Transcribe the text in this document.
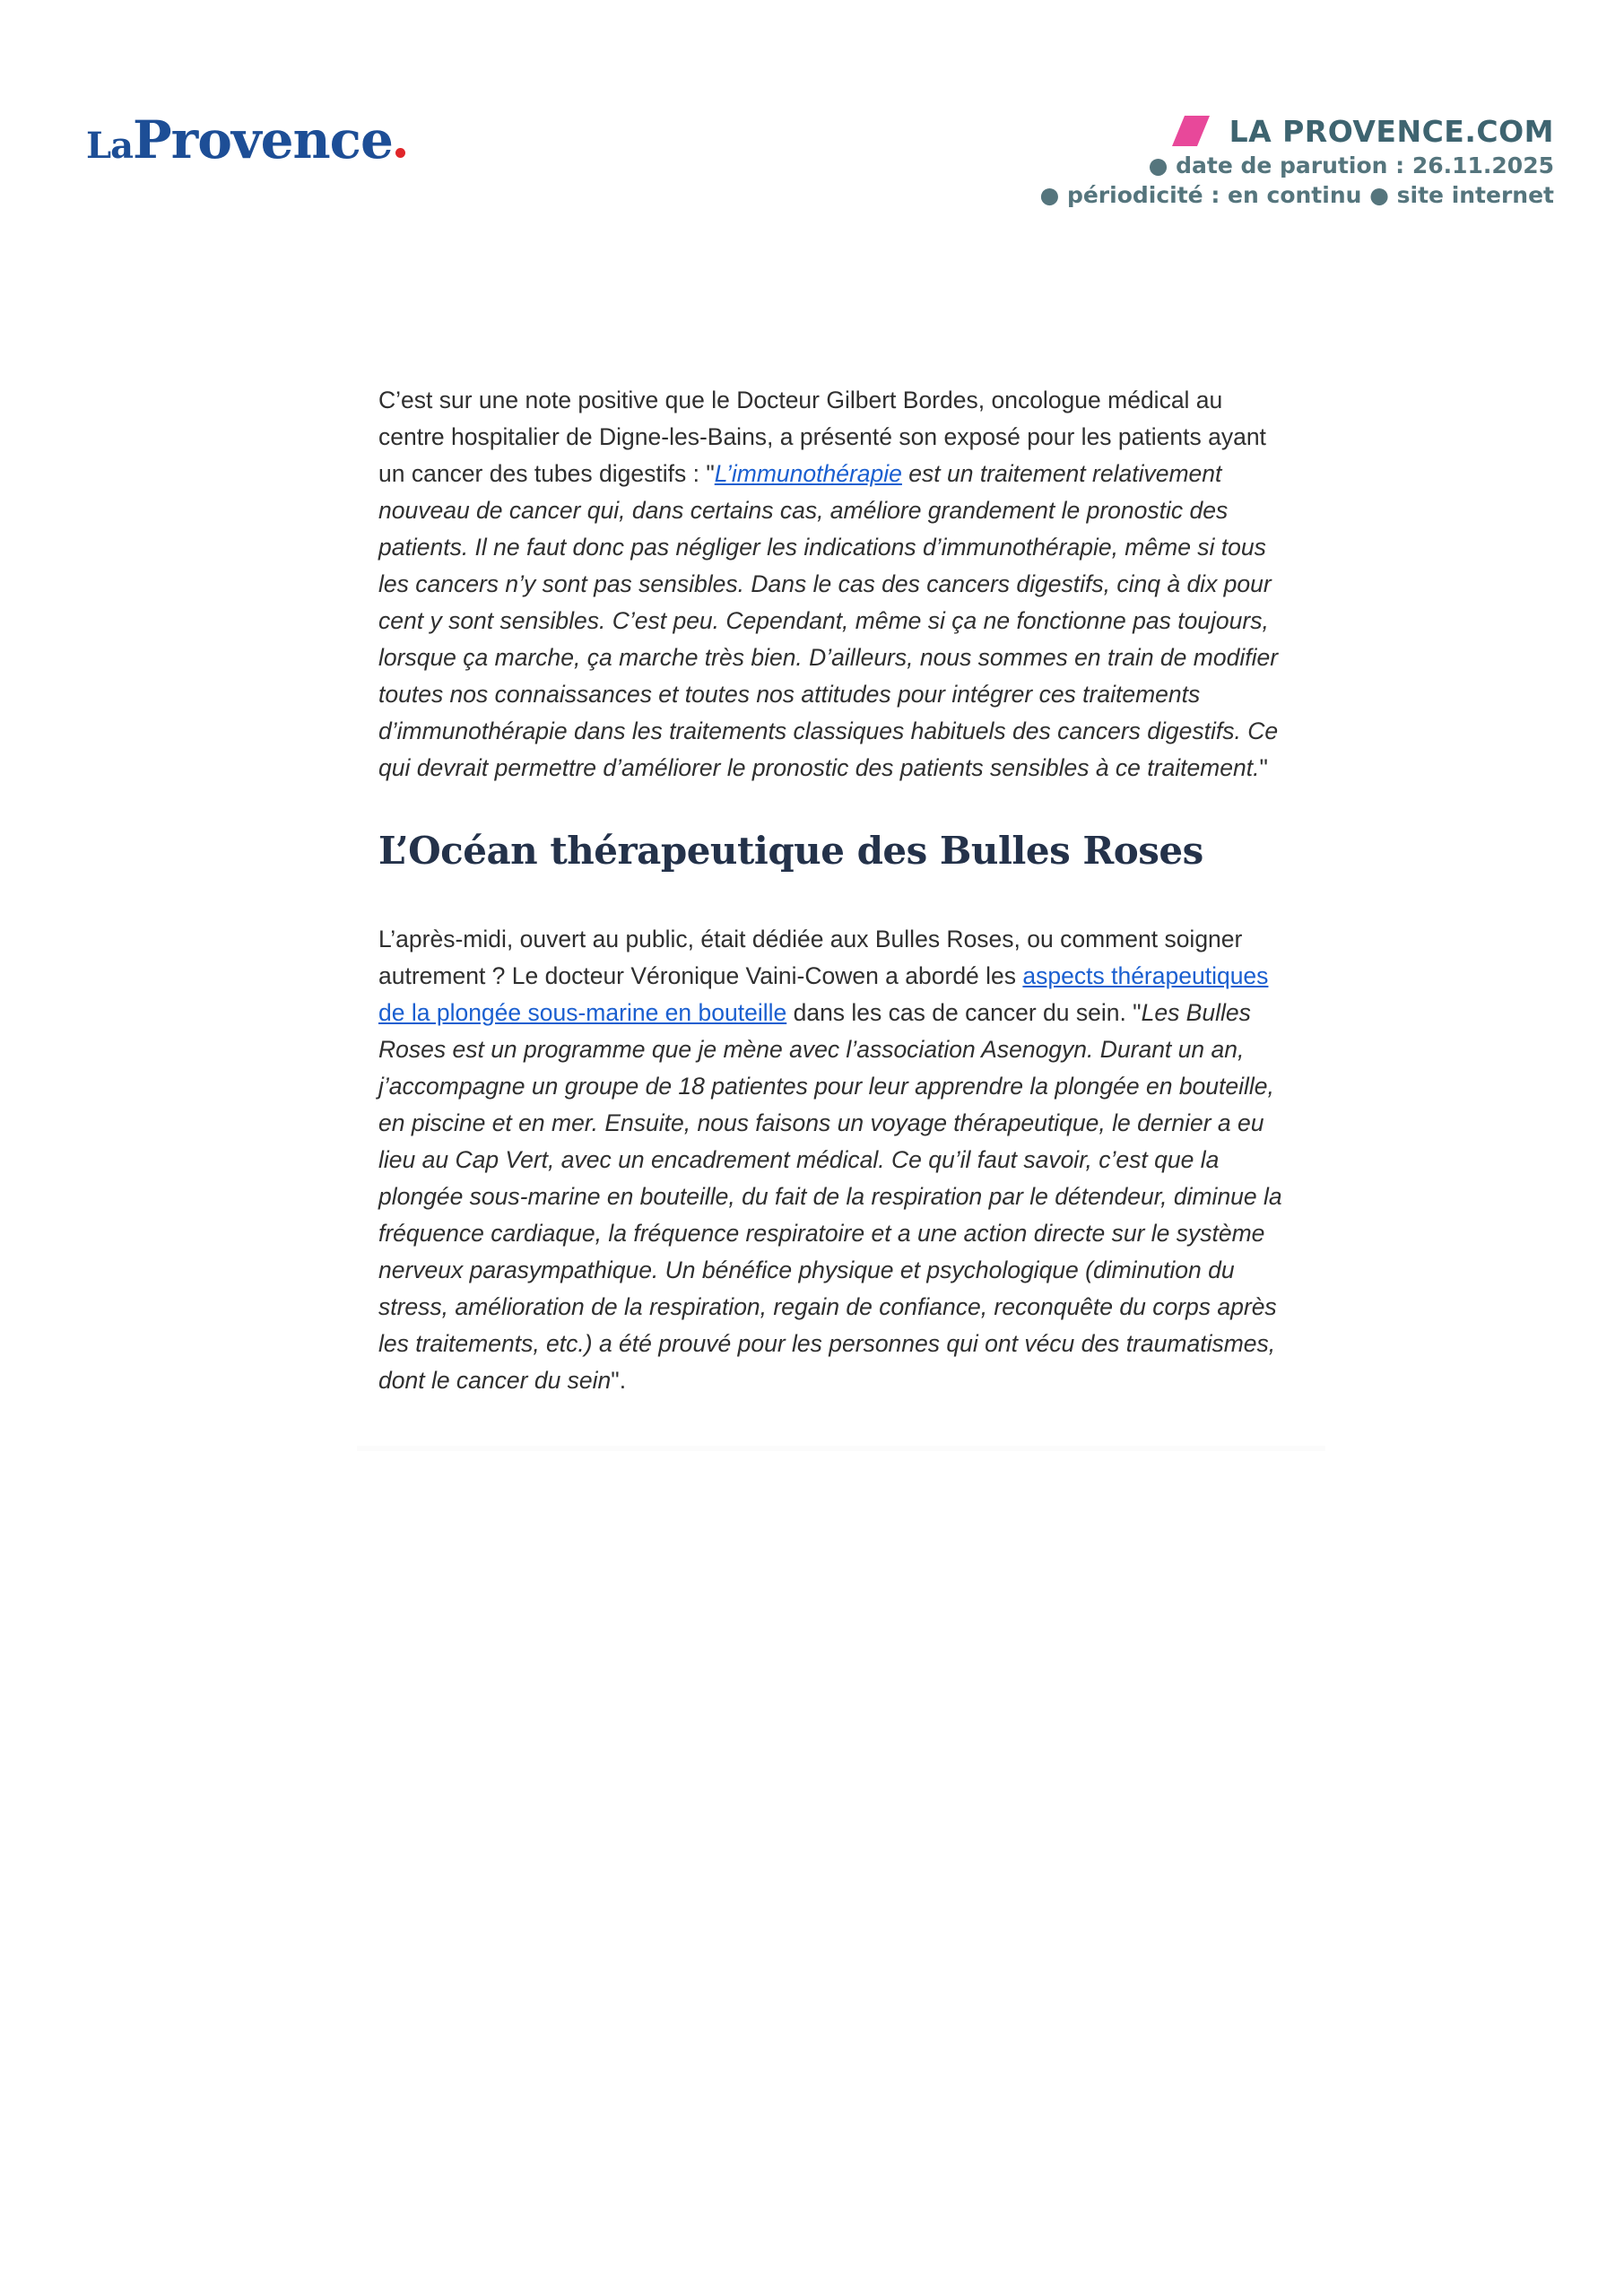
LaProvence	LA PROVENCE.COM
● date de parution : 26.11.2025
● périodicité : en continu ● site internet

C’est sur une note positive que le Docteur Gilbert Bordes, oncologue médical au centre hospitalier de Digne-les-Bains, a présenté son exposé pour les patients ayant un cancer des tubes digestifs : "L’immunothérapie est un traitement relativement nouveau de cancer qui, dans certains cas, améliore grandement le pronostic des patients. Il ne faut donc pas négliger les indications d’immunothérapie, même si tous les cancers n’y sont pas sensibles. Dans le cas des cancers digestifs, cinq à dix pour cent y sont sensibles. C’est peu. Cependant, même si ça ne fonctionne pas toujours, lorsque ça marche, ça marche très bien. D’ailleurs, nous sommes en train de modifier toutes nos connaissances et toutes nos attitudes pour intégrer ces traitements d’immunothérapie dans les traitements classiques habituels des cancers digestifs. Ce qui devrait permettre d’améliorer le pronostic des patients sensibles à ce traitement."

L’Océan thérapeutique des Bulles Roses

L’après-midi, ouvert au public, était dédiée aux Bulles Roses, ou comment soigner autrement ? Le docteur Véronique Vaini-Cowen a abordé les aspects thérapeutiques de la plongée sous-marine en bouteille dans les cas de cancer du sein. "Les Bulles Roses est un programme que je mène avec l’association Asenogyn. Durant un an, j’accompagne un groupe de 18 patientes pour leur apprendre la plongée en bouteille, en piscine et en mer. Ensuite, nous faisons un voyage thérapeutique, le dernier a eu lieu au Cap Vert, avec un encadrement médical. Ce qu’il faut savoir, c’est que la plongée sous-marine en bouteille, du fait de la respiration par le détendeur, diminue la fréquence cardiaque, la fréquence respiratoire et a une action directe sur le système nerveux parasympathique. Un bénéfice physique et psychologique (diminution du stress, amélioration de la respiration, regain de confiance, reconquête du corps après les traitements, etc.) a été prouvé pour les personnes qui ont vécu des traumatismes, dont le cancer du sein".
